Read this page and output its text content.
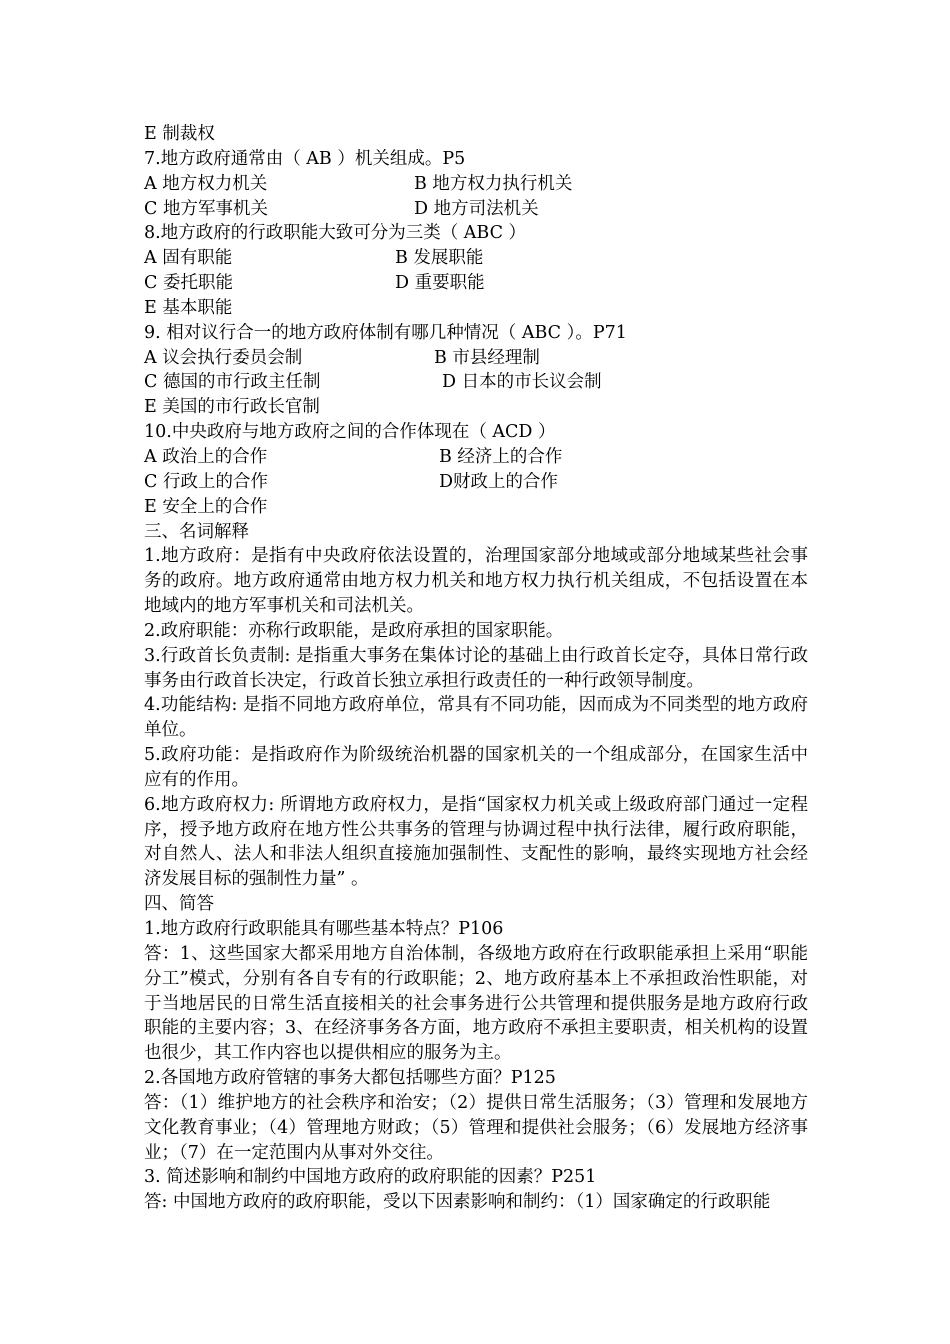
E 制裁权
7.地方政府通常由（ AB ）机关组成。P5
A 地方权力机关	B 地方权力执行机关
C 地方军事机关	D 地方司法机关
8.地方政府的行政职能大致可分为三类（ ABC ）
A 固有职能	B 发展职能
C 委托职能	D 重要职能
E 基本职能
9. 相对议行合一的地方政府体制有哪几种情况（ ABC ）。P71
A 议会执行委员会制	B 市县经理制
C 德国的市行政主任制	D 日本的市长议会制
E 美国的市行政长官制
10.中央政府与地方政府之间的合作体现在（ ACD ）
A 政治上的合作	B 经济上的合作
C 行政上的合作	D财政上的合作
E 安全上的合作
三、名词解释
1.地方政府：是指有中央政府依法设置的，治理国家部分地域或部分地域某些社会事务的政府。地方政府通常由地方权力机关和地方权力执行机关组成，不包括设置在本地域内的地方军事机关和司法机关。
2.政府职能：亦称行政职能，是政府承担的国家职能。
3.行政首长负责制: 是指重大事务在集体讨论的基础上由行政首长定夺，具体日常行政事务由行政首长决定，行政首长独立承担行政责任的一种行政领导制度。
4.功能结构: 是指不同地方政府单位，常具有不同功能，因而成为不同类型的地方政府单位。
5.政府功能：是指政府作为阶级统治机器的国家机关的一个组成部分，在国家生活中应有的作用。
6.地方政府权力: 所谓地方政府权力，是指“国家权力机关或上级政府部门通过一定程序，授予地方政府在地方性公共事务的管理与协调过程中执行法律，履行政府职能，对自然人、法人和非法人组织直接施加强制性、支配性的影响，最终实现地方社会经济发展目标的强制性力量” 。
四、简答
1.地方政府行政职能具有哪些基本特点？P106
答：1、这些国家大都采用地方自治体制，各级地方政府在行政职能承担上采用“职能分工”模式，分别有各自专有的行政职能；2、地方政府基本上不承担政治性职能，对于当地居民的日常生活直接相关的社会事务进行公共管理和提供服务是地方政府行政职能的主要内容；3、在经济事务各方面，地方政府不承担主要职责，相关机构的设置也很少，其工作内容也以提供相应的服务为主。
2.各国地方政府管辖的事务大都包括哪些方面？P125
答：（1）维护地方的社会秩序和治安；（2）提供日常生活服务；（3）管理和发展地方文化教育事业；（4）管理地方财政；（5）管理和提供社会服务；（6）发展地方经济事业；（7）在一定范围内从事对外交往。
3. 简述影响和制约中国地方政府的政府职能的因素？P251
答: 中国地方政府的政府职能，受以下因素影响和制约：（1）国家确定的行政职能
